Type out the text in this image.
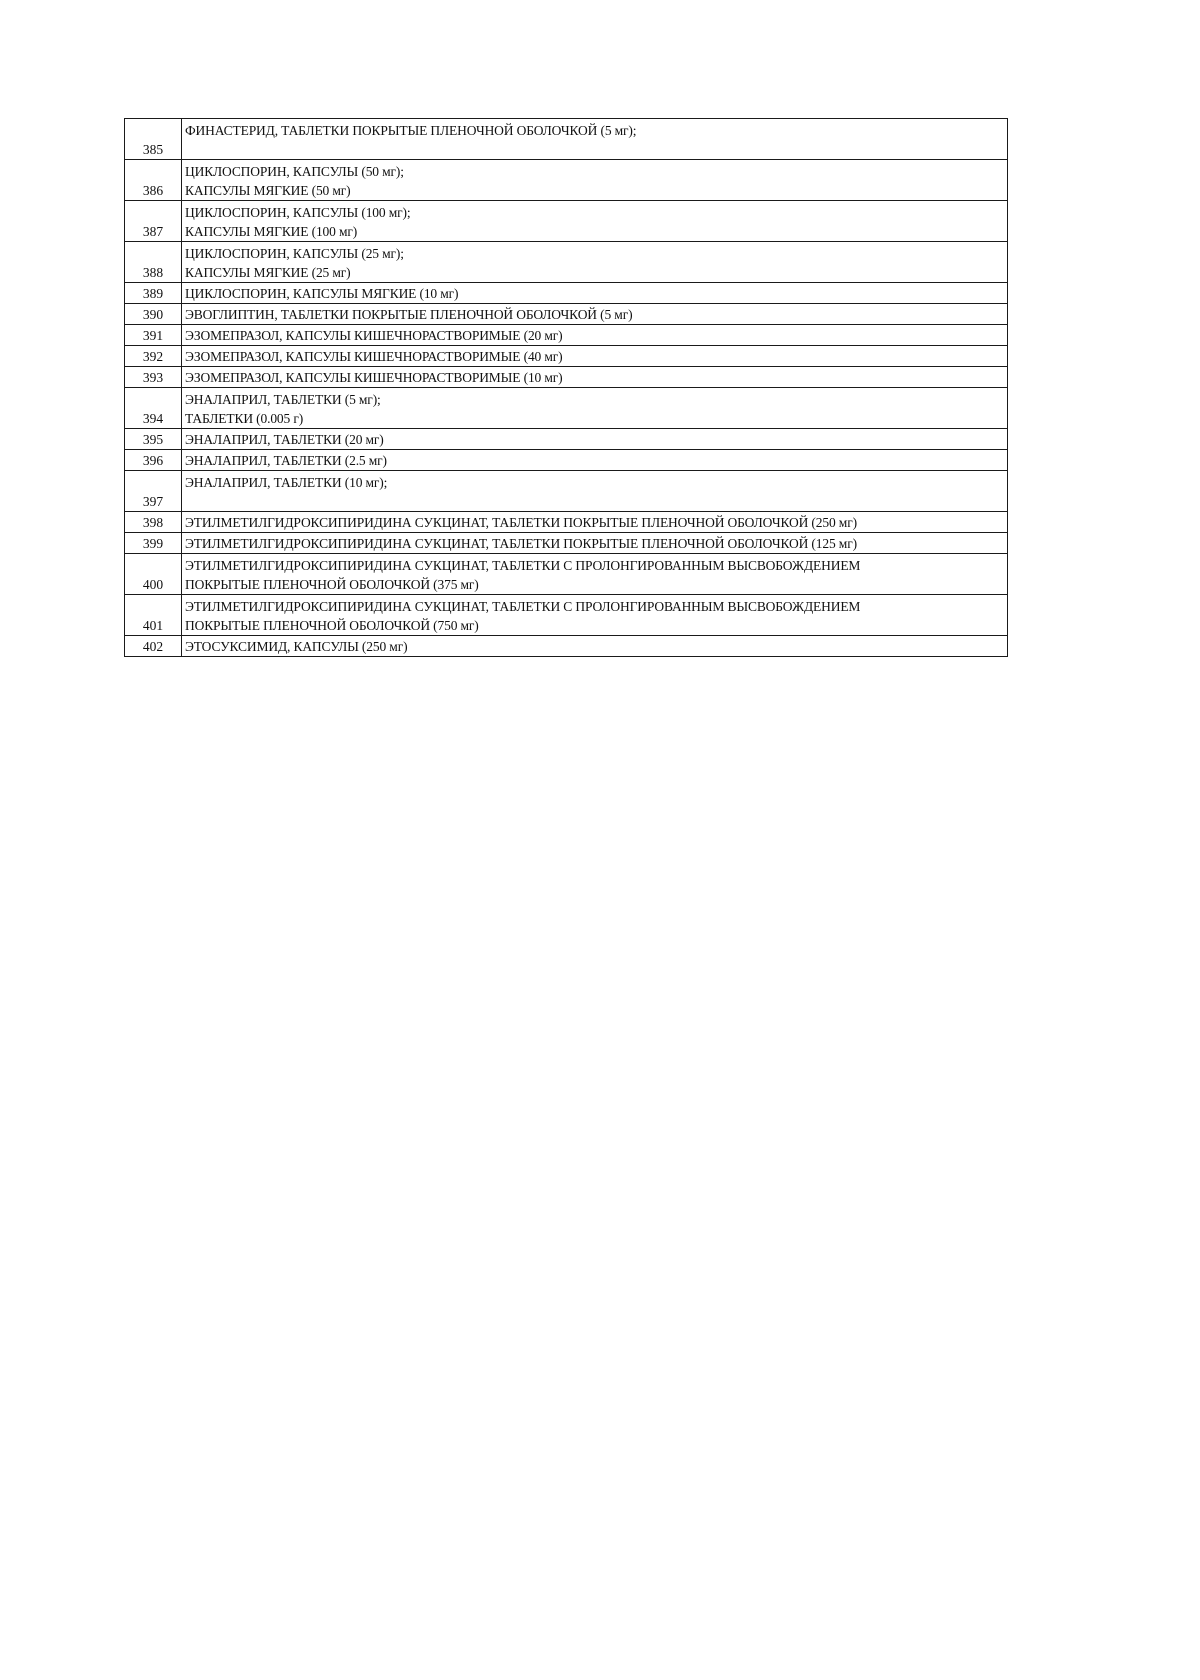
385	ФИНАСТЕРИД, ТАБЛЕТКИ ПОКРЫТЫЕ ПЛЕНОЧНОЙ ОБОЛОЧКОЙ (5 мг);

386	ЦИКЛОСПОРИН, КАПСУЛЫ (50 мг);
КАПСУЛЫ МЯГКИЕ (50 мг)

387	ЦИКЛОСПОРИН, КАПСУЛЫ (100 мг);
КАПСУЛЫ МЯГКИЕ (100 мг)

388	ЦИКЛОСПОРИН, КАПСУЛЫ (25 мг);
КАПСУЛЫ МЯГКИЕ (25 мг)

389	ЦИКЛОСПОРИН, КАПСУЛЫ МЯГКИЕ (10 мг)

390	ЭВОГЛИПТИН, ТАБЛЕТКИ ПОКРЫТЫЕ ПЛЕНОЧНОЙ ОБОЛОЧКОЙ (5 мг)

391	ЭЗОМЕПРАЗОЛ, КАПСУЛЫ КИШЕЧНОРАСТВОРИМЫЕ (20 мг)

392	ЭЗОМЕПРАЗОЛ, КАПСУЛЫ КИШЕЧНОРАСТВОРИМЫЕ (40 мг)

393	ЭЗОМЕПРАЗОЛ, КАПСУЛЫ КИШЕЧНОРАСТВОРИМЫЕ (10 мг)

394	ЭНАЛАПРИЛ, ТАБЛЕТКИ (5 мг);
ТАБЛЕТКИ (0.005 г)

395	ЭНАЛАПРИЛ, ТАБЛЕТКИ (20 мг)

396	ЭНАЛАПРИЛ, ТАБЛЕТКИ (2.5 мг)

397	ЭНАЛАПРИЛ, ТАБЛЕТКИ (10 мг);

398	ЭТИЛМЕТИЛГИДРОКСИПИРИДИНА СУКЦИНАТ, ТАБЛЕТКИ ПОКРЫТЫЕ ПЛЕНОЧНОЙ ОБОЛОЧКОЙ (250 мг)

399	ЭТИЛМЕТИЛГИДРОКСИПИРИДИНА СУКЦИНАТ, ТАБЛЕТКИ ПОКРЫТЫЕ ПЛЕНОЧНОЙ ОБОЛОЧКОЙ (125 мг)

400	ЭТИЛМЕТИЛГИДРОКСИПИРИДИНА СУКЦИНАТ, ТАБЛЕТКИ С ПРОЛОНГИРОВАННЫМ ВЫСВОБОЖДЕНИЕМ
ПОКРЫТЫЕ ПЛЕНОЧНОЙ ОБОЛОЧКОЙ (375 мг)

401	ЭТИЛМЕТИЛГИДРОКСИПИРИДИНА СУКЦИНАТ, ТАБЛЕТКИ С ПРОЛОНГИРОВАННЫМ ВЫСВОБОЖДЕНИЕМ
ПОКРЫТЫЕ ПЛЕНОЧНОЙ ОБОЛОЧКОЙ (750 мг)

402	ЭТОСУКСИМИД, КАПСУЛЫ (250 мг)
